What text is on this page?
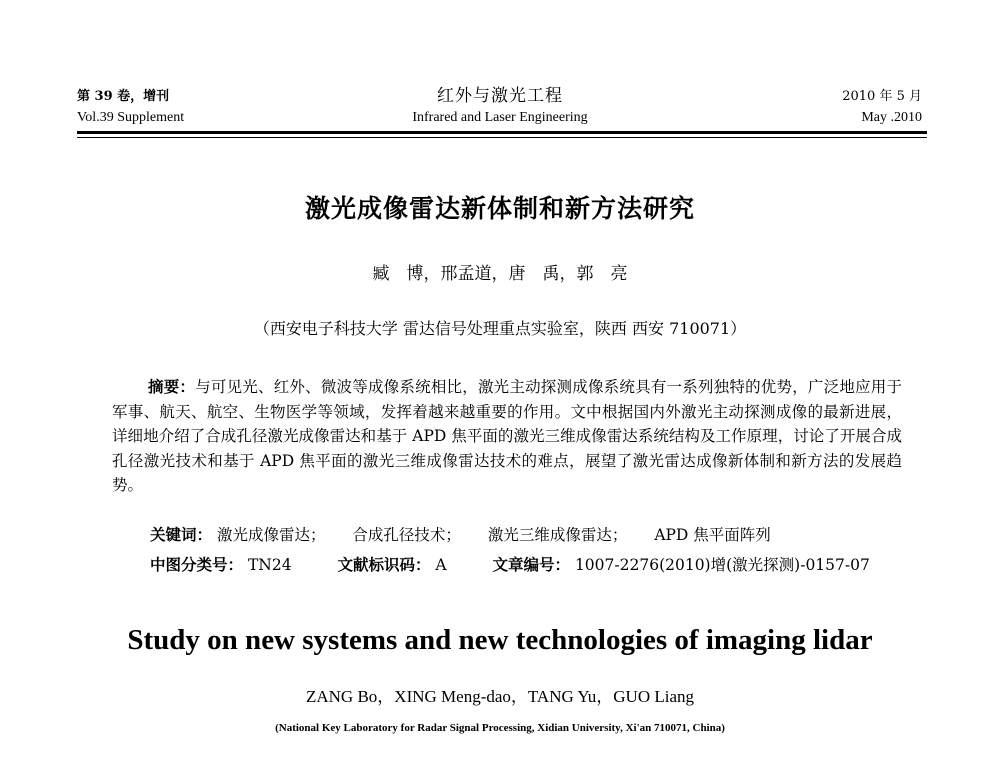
第 39 卷，增刊
Vol.39 Supplement
红外与激光工程
Infrared and Laser Engineering
2010 年 5 月
May .2010
激光成像雷达新体制和新方法研究
臧　博，邢孟道，唐　禹，郭　亮
（西安电子科技大学 雷达信号处理重点实验室，陕西 西安 710071）
摘要：与可见光、红外、微波等成像系统相比，激光主动探测成像系统具有一系列独特的优势，广泛地应用于军事、航天、航空、生物医学等领域，发挥着越来越重要的作用。文中根据国内外激光主动探测成像的最新进展，详细地介绍了合成孔径激光成像雷达和基于 APD 焦平面的激光三维成像雷达系统结构及工作原理，讨论了开展合成孔径激光技术和基于 APD 焦平面的激光三维成像雷达技术的难点，展望了激光雷达成像新体制和新方法的发展趋势。
关键词： 激光成像雷达； 合成孔径技术； 激光三维成像雷达； APD 焦平面阵列
中图分类号： TN24	文献标识码： A	文章编号： 1007-2276(2010)增(激光探测)-0157-07
Study on new systems and new technologies of imaging lidar
ZANG Bo，XING Meng-dao，TANG Yu，GUO Liang
(National Key Laboratory for Radar Signal Processing, Xidian University, Xi'an 710071, China)
